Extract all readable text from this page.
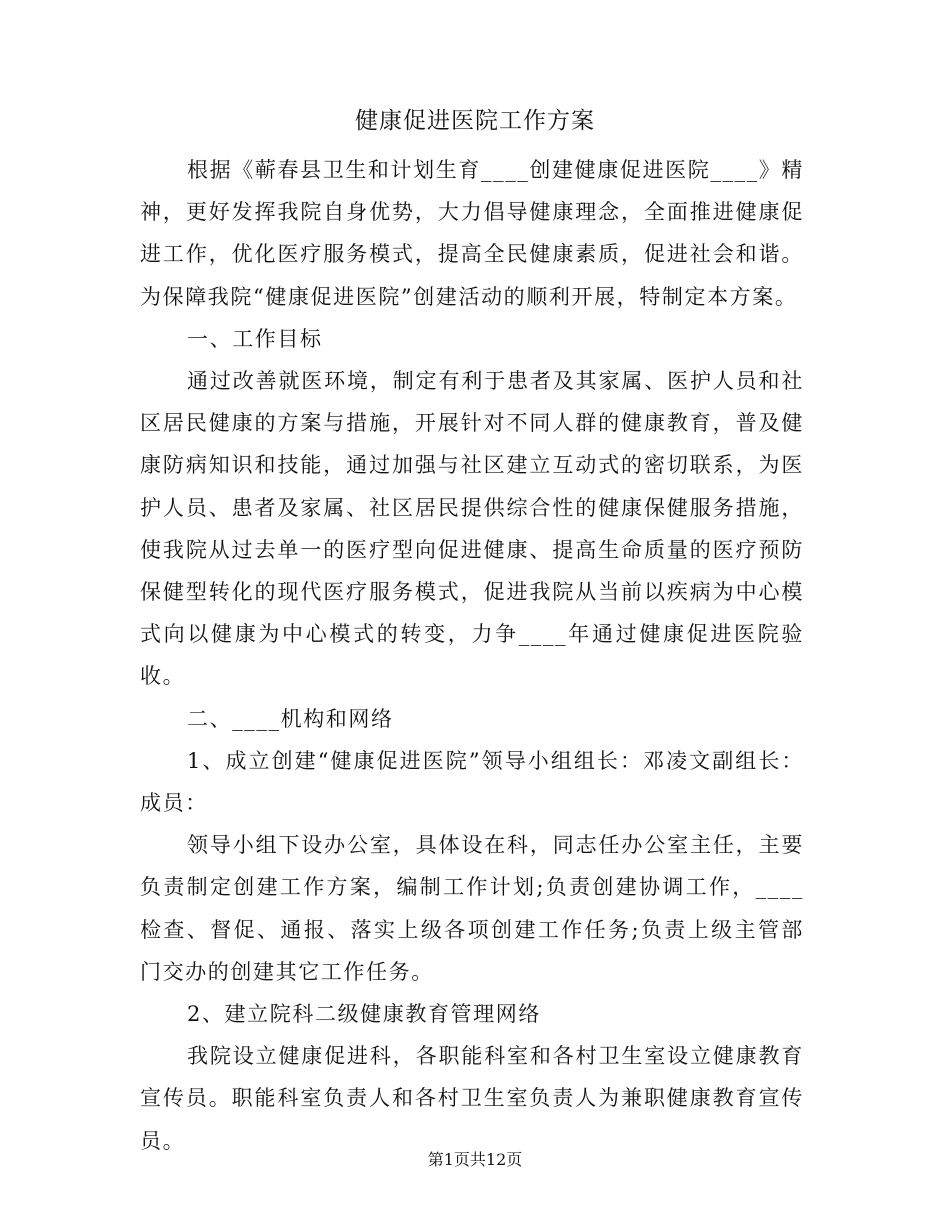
健康促进医院工作方案

根据《蕲春县卫生和计划生育____创建健康促进医院____》精神，更好发挥我院自身优势，大力倡导健康理念，全面推进健康促进工作，优化医疗服务模式，提高全民健康素质，促进社会和谐。为保障我院“健康促进医院”创建活动的顺利开展，特制定本方案。

一、工作目标

通过改善就医环境，制定有利于患者及其家属、医护人员和社区居民健康的方案与措施，开展针对不同人群的健康教育，普及健康防病知识和技能，通过加强与社区建立互动式的密切联系，为医护人员、患者及家属、社区居民提供综合性的健康保健服务措施，使我院从过去单一的医疗型向促进健康、提高生命质量的医疗预防保健型转化的现代医疗服务模式，促进我院从当前以疾病为中心模式向以健康为中心模式的转变，力争____年通过健康促进医院验收。

二、____机构和网络

1、成立创建“健康促进医院”领导小组组长：邓凌文副组长：成员：

领导小组下设办公室，具体设在科，同志任办公室主任，主要负责制定创建工作方案，编制工作计划;负责创建协调工作，____检查、督促、通报、落实上级各项创建工作任务;负责上级主管部门交办的创建其它工作任务。

2、建立院科二级健康教育管理网络

我院设立健康促进科，各职能科室和各村卫生室设立健康教育宣传员。职能科室负责人和各村卫生室负责人为兼职健康教育宣传员。

第1页共12页
